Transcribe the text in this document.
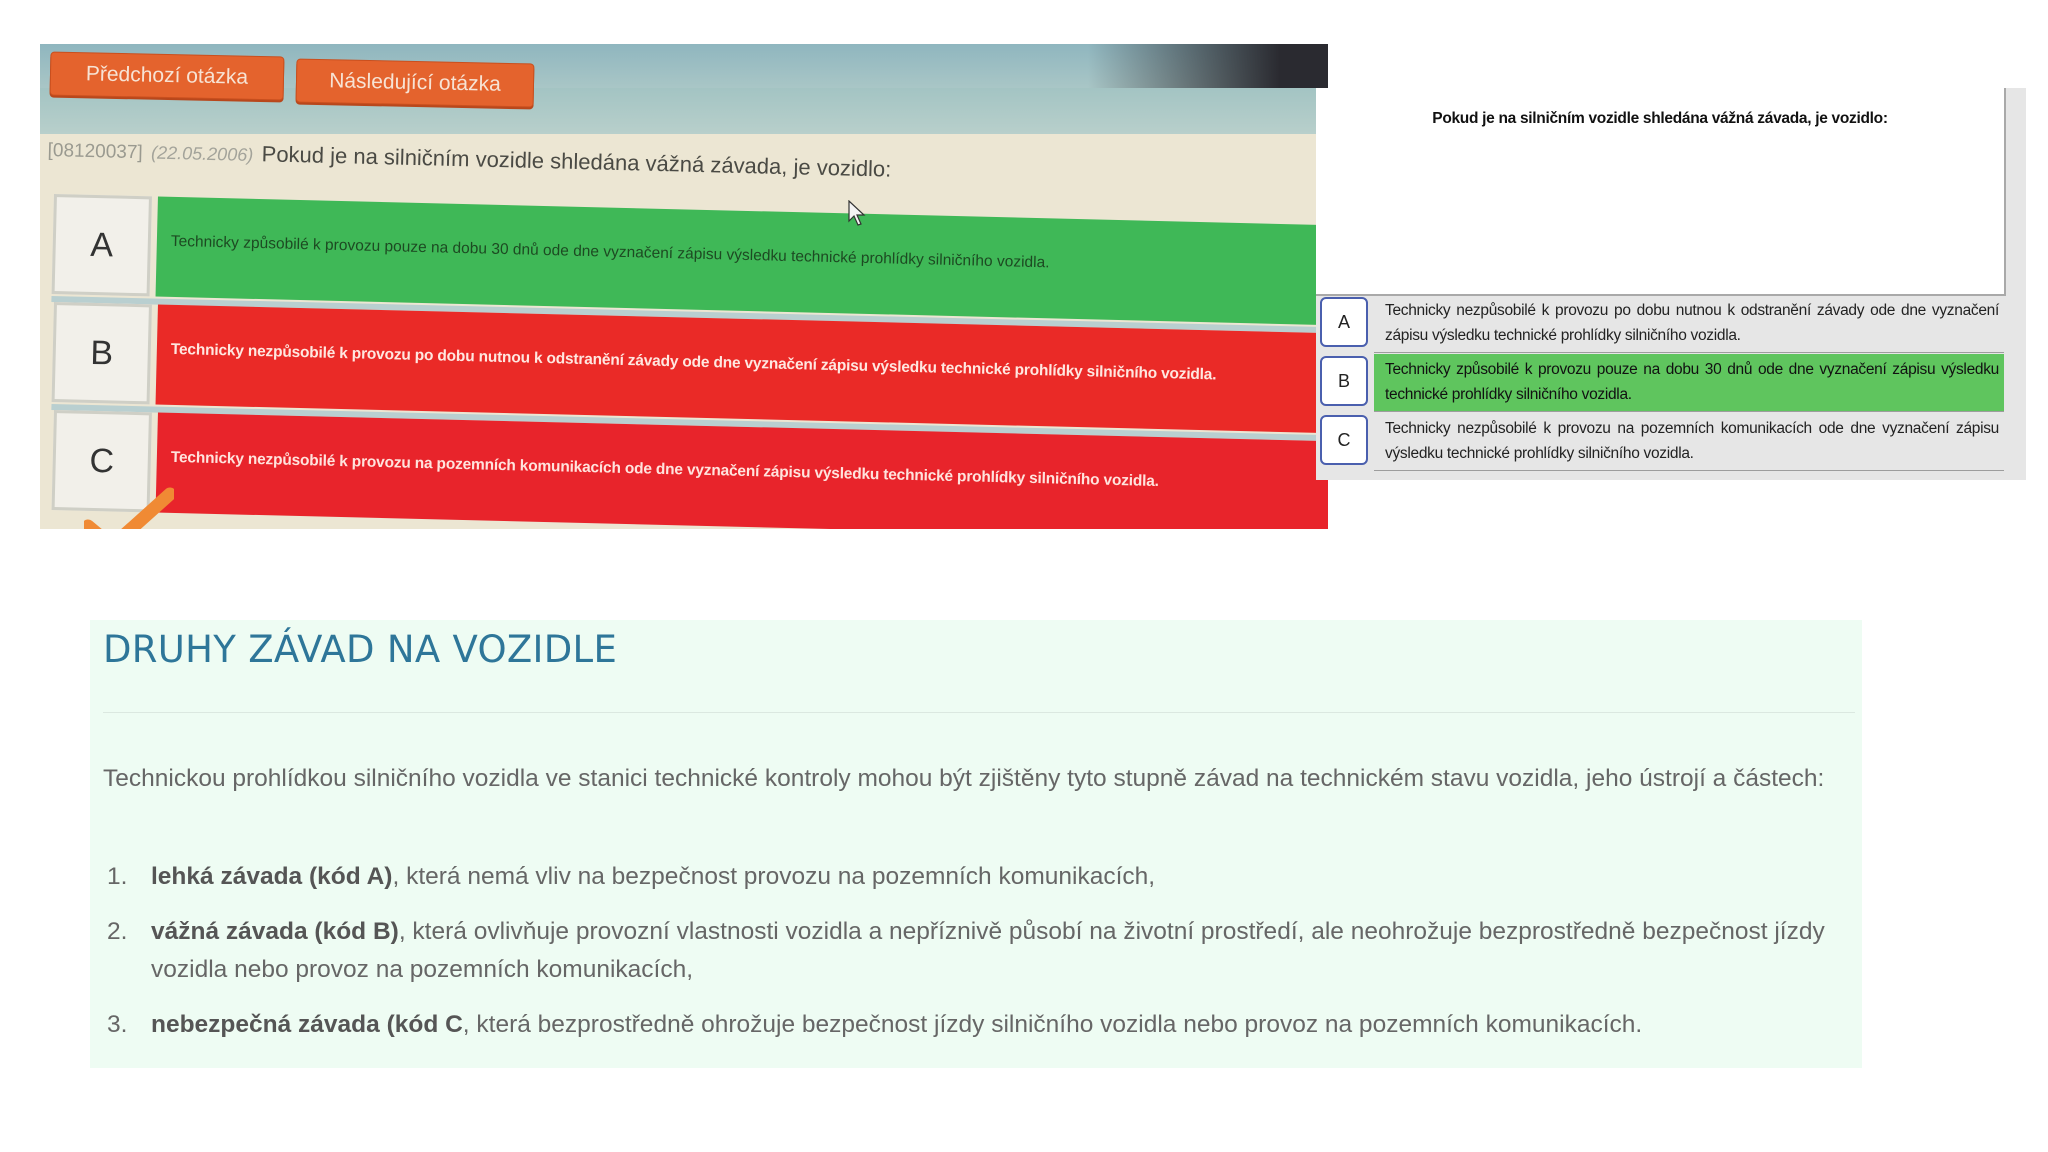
Předchozí otázka	Následující otázka
[08120037] (22.05.2006) Pokud je na silničním vozidle shledána vážná závada, je vozidlo:
A	Technicky způsobilé k provozu pouze na dobu 30 dnů ode dne vyznačení zápisu výsledku technické prohlídky silničního vozidla.
B	Technicky nezpůsobilé k provozu po dobu nutnou k odstranění závady ode dne vyznačení zápisu výsledku technické prohlídky silničního vozidla.
C	Technicky nezpůsobilé k provozu na pozemních komunikacích ode dne vyznačení zápisu výsledku technické prohlídky silničního vozidla.
Pokud je na silničním vozidle shledána vážná závada, je vozidlo:
A
Technicky nezpůsobilé k provozu po dobu nutnou k odstranění závady ode dne vyznačení zápisu výsledku technické prohlídky silničního vozidla.
B
Technicky způsobilé k provozu pouze na dobu 30 dnů ode dne vyznačení zápisu výsledku technické prohlídky silničního vozidla.
C
Technicky nezpůsobilé k provozu na pozemních komunikacích ode dne vyznačení zápisu výsledku technické prohlídky silničního vozidla.
DRUHY ZÁVAD NA VOZIDLE

Technickou prohlídkou silničního vozidla ve stanici technické kontroly mohou být zjištěny tyto stupně závad na technickém stavu vozidla, jeho ústrojí a částech:

1. lehká závada (kód A), která nemá vliv na bezpečnost provozu na pozemních komunikacích,
2. vážná závada (kód B), která ovlivňuje provozní vlastnosti vozidla a nepříznivě působí na životní prostředí, ale neohrožuje bezprostředně bezpečnost jízdy vozidla nebo provoz na pozemních komunikacích,
3. nebezpečná závada (kód C, která bezprostředně ohrožuje bezpečnost jízdy silničního vozidla nebo provoz na pozemních komunikacích.
